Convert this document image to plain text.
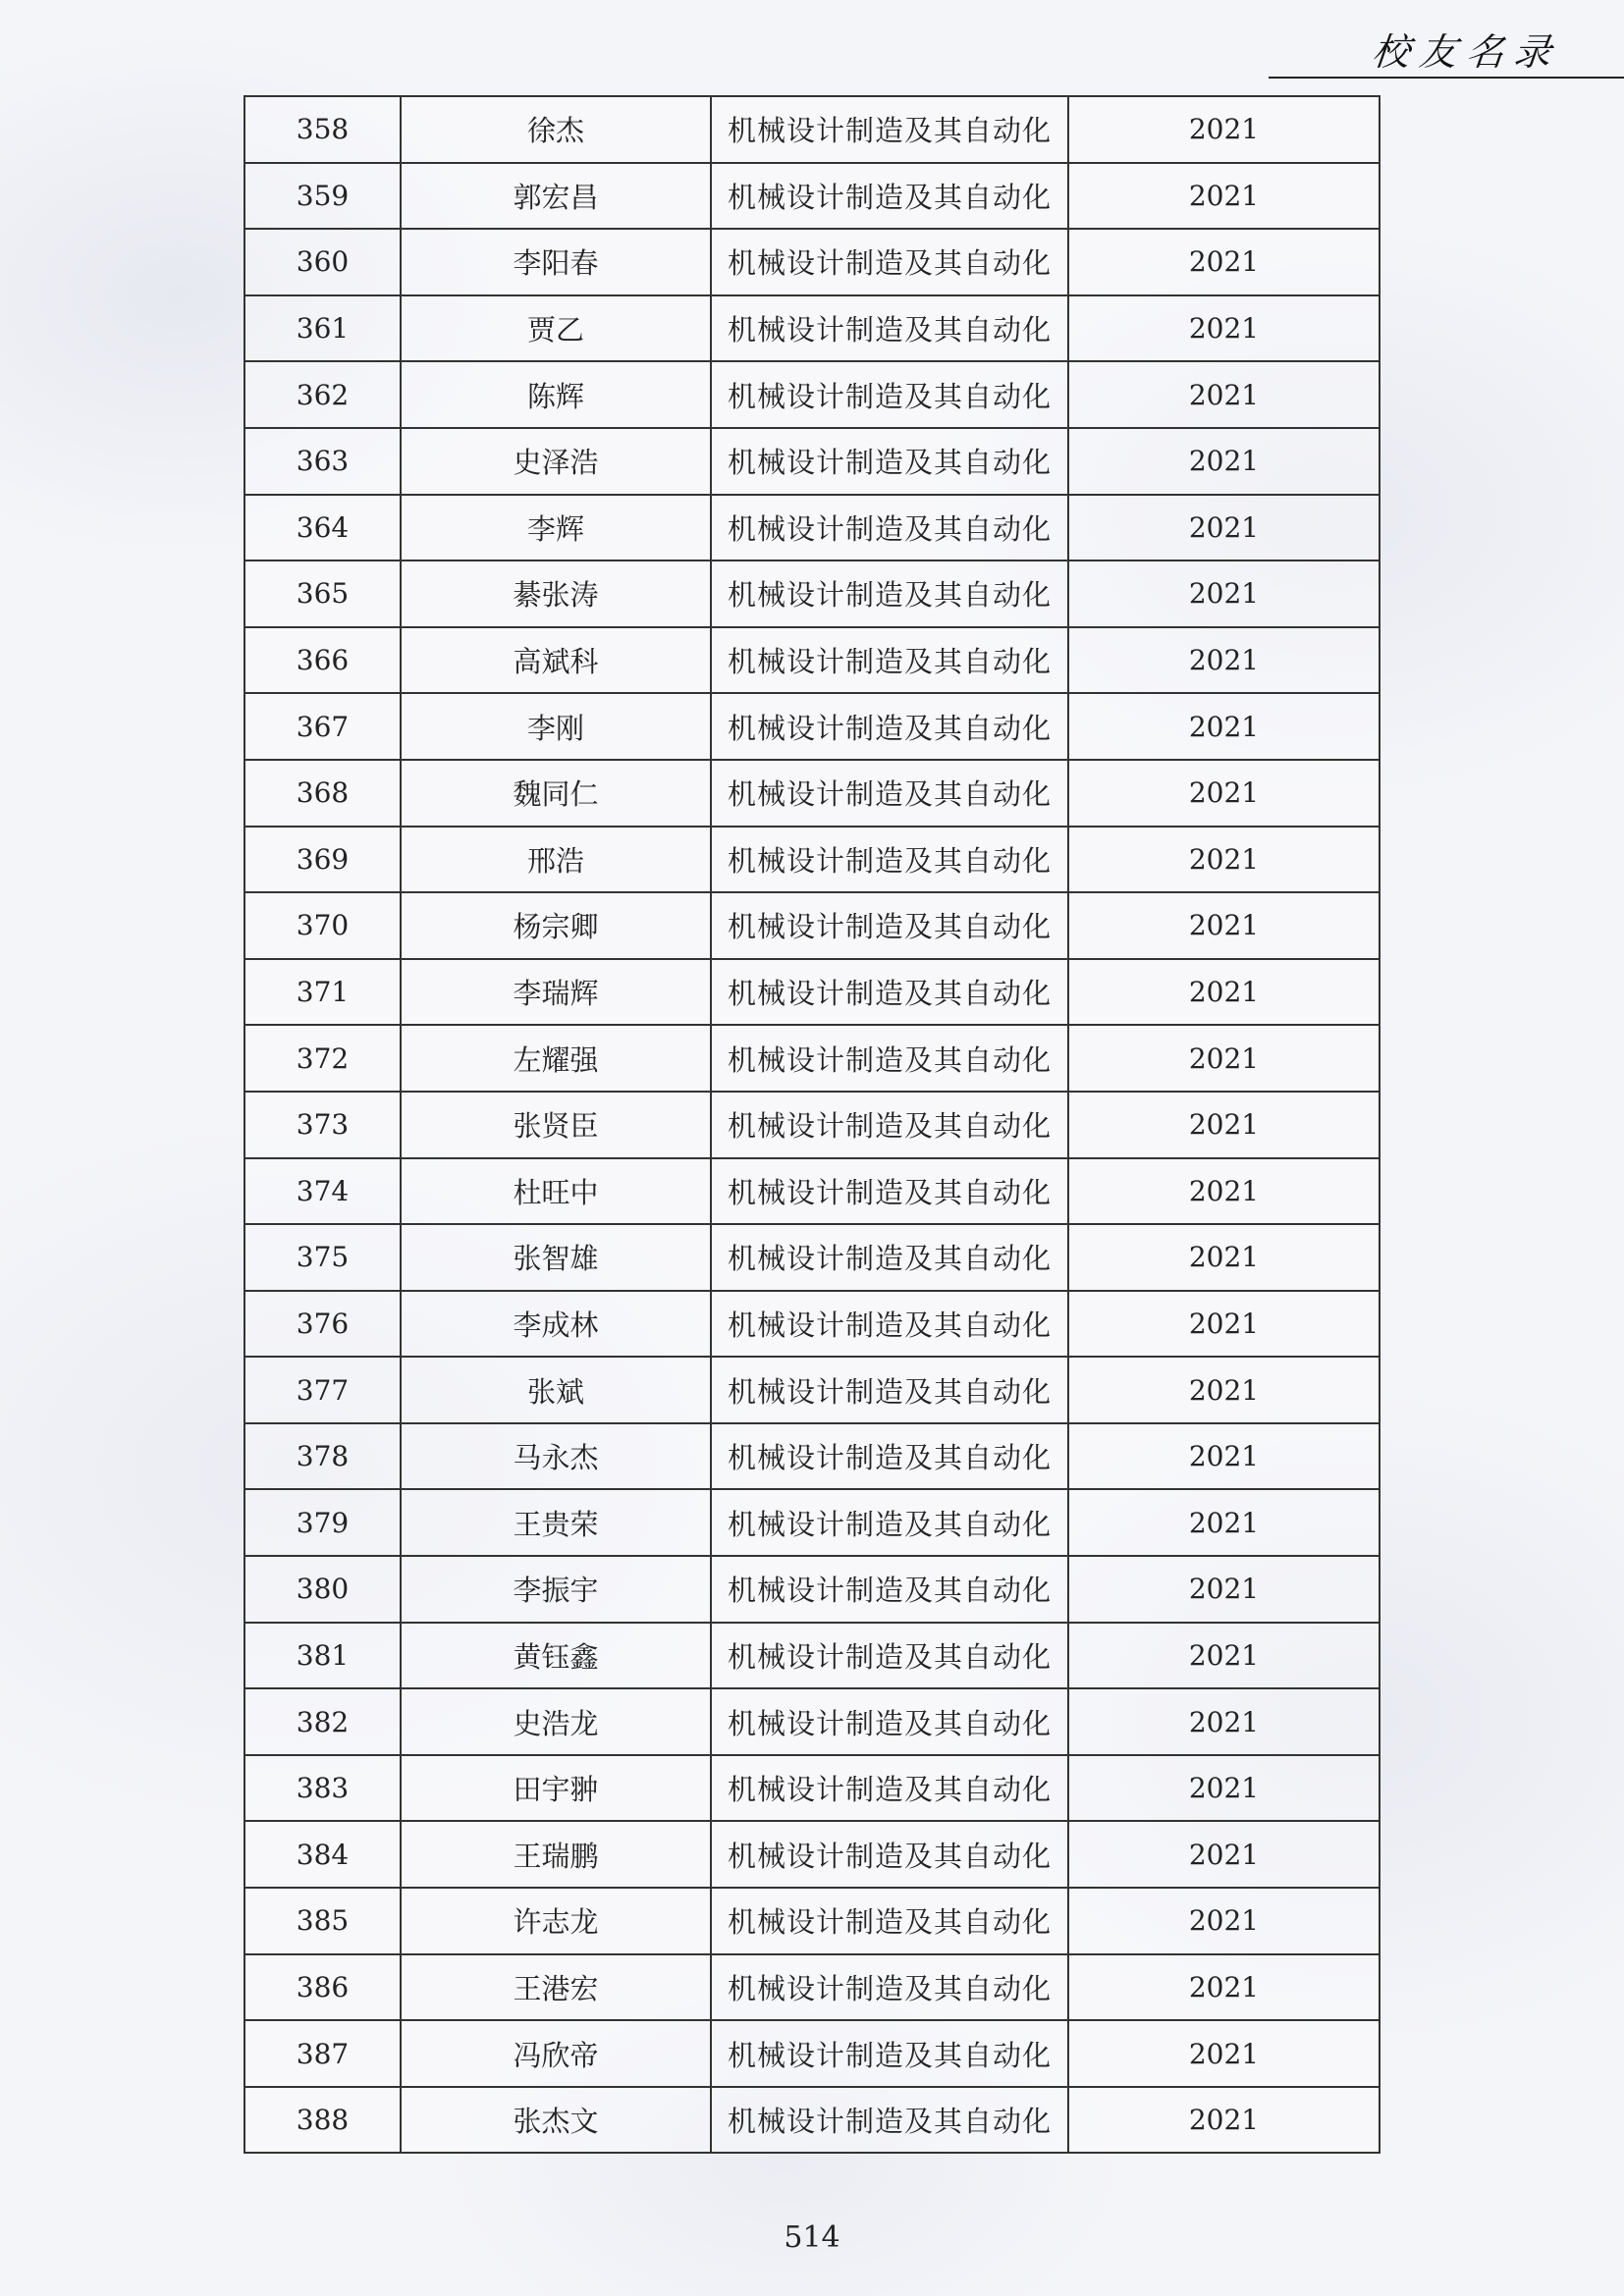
校友名录
358	徐杰	机械设计制造及其自动化	2021
359	郭宏昌	机械设计制造及其自动化	2021
360	李阳春	机械设计制造及其自动化	2021
361	贾乙	机械设计制造及其自动化	2021
362	陈辉	机械设计制造及其自动化	2021
363	史泽浩	机械设计制造及其自动化	2021
364	李辉	机械设计制造及其自动化	2021
365	綦张涛	机械设计制造及其自动化	2021
366	高斌科	机械设计制造及其自动化	2021
367	李刚	机械设计制造及其自动化	2021
368	魏同仁	机械设计制造及其自动化	2021
369	邢浩	机械设计制造及其自动化	2021
370	杨宗卿	机械设计制造及其自动化	2021
371	李瑞辉	机械设计制造及其自动化	2021
372	左耀强	机械设计制造及其自动化	2021
373	张贤臣	机械设计制造及其自动化	2021
374	杜旺中	机械设计制造及其自动化	2021
375	张智雄	机械设计制造及其自动化	2021
376	李成林	机械设计制造及其自动化	2021
377	张斌	机械设计制造及其自动化	2021
378	马永杰	机械设计制造及其自动化	2021
379	王贵荣	机械设计制造及其自动化	2021
380	李振宇	机械设计制造及其自动化	2021
381	黄钰鑫	机械设计制造及其自动化	2021
382	史浩龙	机械设计制造及其自动化	2021
383	田宇翀	机械设计制造及其自动化	2021
384	王瑞鹏	机械设计制造及其自动化	2021
385	许志龙	机械设计制造及其自动化	2021
386	王港宏	机械设计制造及其自动化	2021
387	冯欣帝	机械设计制造及其自动化	2021
388	张杰文	机械设计制造及其自动化	2021
514
